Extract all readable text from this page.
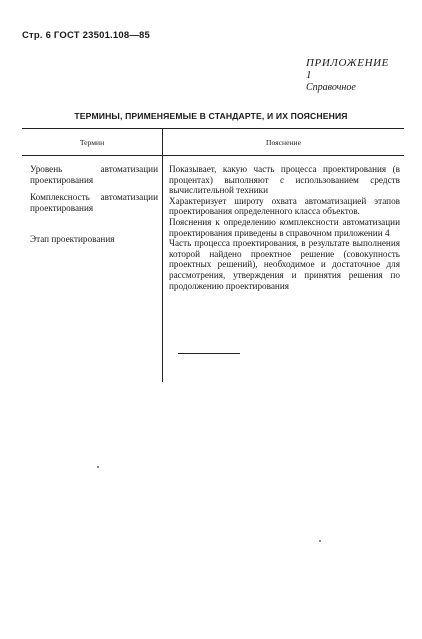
Стр. 6 ГОСТ 23501.108—85
ПРИЛОЖЕНИЕ 1
Справочное
ТЕРМИНЫ, ПРИМЕНЯЕМЫЕ В СТАНДАРТЕ, И ИХ ПОЯСНЕНИЯ
Термин	Пояснение

Уровень автоматизации проектирования

Комплексность автоматизации проектирования

Этап проектирования

Показывает, какую часть процесса проектирования (в процентах) выполняют с использованием средств вычислительной техники

Характеризует широту охвата автоматизацией этапов проектирования определенного класса объектов.

Пояснения к определению комплексности автоматизации проектирования приведены в справочном приложении 4

Часть процесса проектирования, в результате выполнения которой найдено проектное решение (совокупность проектных решений), необходимое и достаточное для рассмотрения, утверждения и принятия решения по продолжению проектирования
